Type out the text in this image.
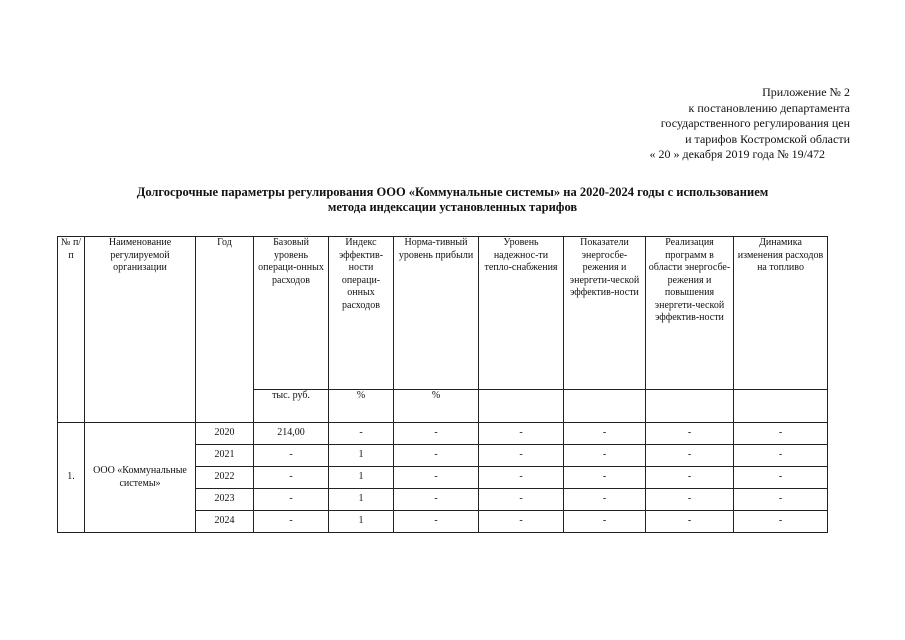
Приложение № 2
к постановлению департамента
государственного регулирования цен
и тарифов Костромской области
« 20 » декабря 2019 года № 19/472
Долгосрочные параметры регулирования ООО «Коммунальные системы» на 2020-2024 годы с использованием
метода индексации установленных тарифов
№ п/п	Наименование регулируемой организации	Год	Базовый уровень операци-онных расходов	Индекс эффектив-ности операци-онных расходов	Норма-тивный уровень прибыли	Уровень надежнос-ти тепло-снабжения	Показатели энергосбе-режения и энергети-ческой эффектив-ности	Реализация программ в области энергосбе-режения и повышения энергети-ческой эффектив-ности	Динамика изменения расходов на топливо
			тыс. руб.	%	%				
1.	ООО «Коммунальные системы»	2020	214,00	-	-	-	-	-	-
		2021	-	1	-	-	-	-	-
		2022	-	1	-	-	-	-	-
		2023	-	1	-	-	-	-	-
		2024	-	1	-	-	-	-	-
